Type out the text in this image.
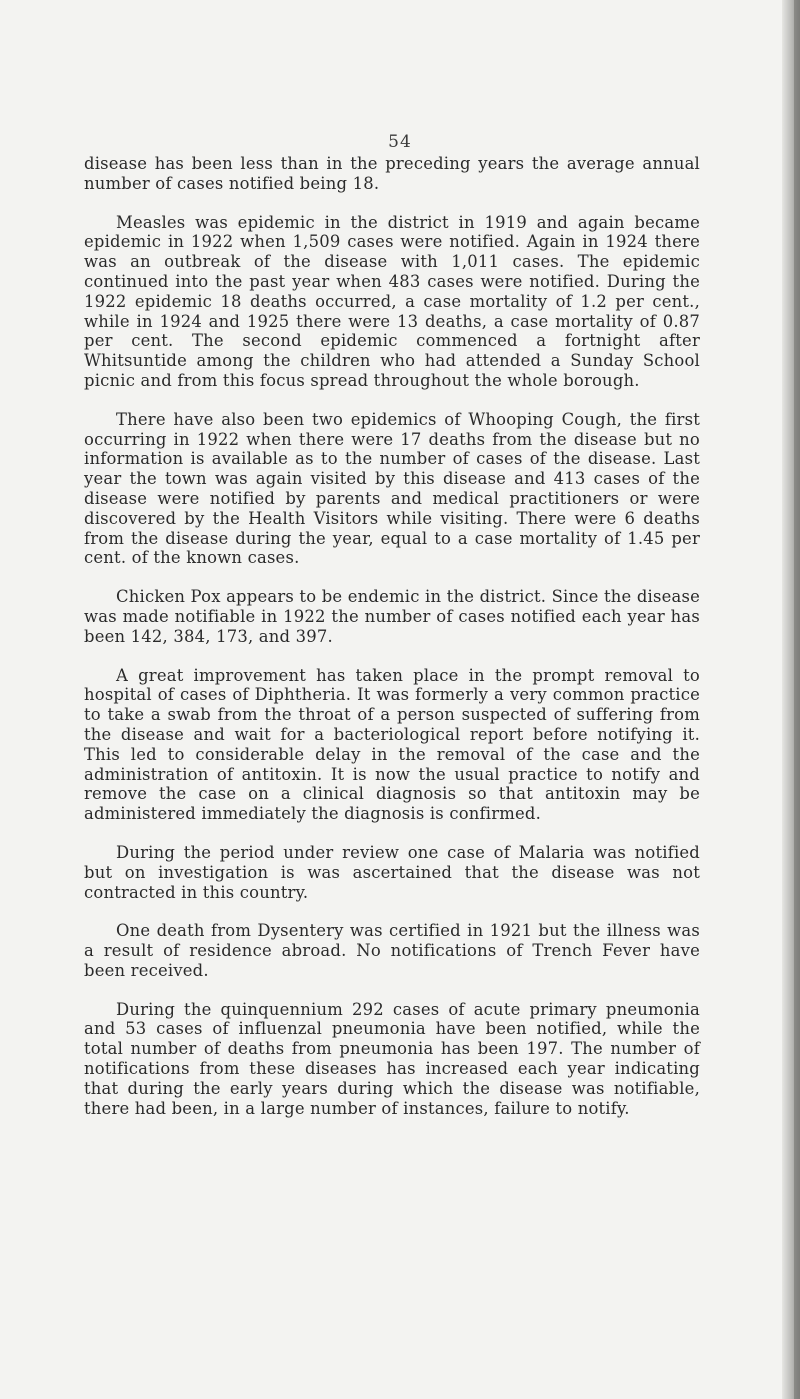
54

disease has been less than in the preceding years the average annual number of cases notified being 18.

Measles was epidemic in the district in 1919 and again became epidemic in 1922 when 1,509 cases were notified. Again in 1924 there was an outbreak of the disease with 1,011 cases. The epidemic continued into the past year when 483 cases were notified. During the 1922 epidemic 18 deaths occurred, a case mortality of 1.2 per cent., while in 1924 and 1925 there were 13 deaths, a case mortality of 0.87 per cent. The second epidemic commenced a fortnight after Whitsuntide among the children who had attended a Sunday School picnic and from this focus spread throughout the whole borough.

There have also been two epidemics of Whooping Cough, the first occurring in 1922 when there were 17 deaths from the disease but no information is available as to the number of cases of the disease. Last year the town was again visited by this disease and 413 cases of the disease were notified by parents and medical practitioners or were discovered by the Health Visitors while visiting. There were 6 deaths from the disease during the year, equal to a case mortality of 1.45 per cent. of the known cases.

Chicken Pox appears to be endemic in the district. Since the disease was made notifiable in 1922 the number of cases notified each year has been 142, 384, 173, and 397.

A great improvement has taken place in the prompt removal to hospital of cases of Diphtheria. It was formerly a very common practice to take a swab from the throat of a person suspected of suffering from the disease and wait for a bacteriological report before notifying it. This led to considerable delay in the removal of the case and the administration of antitoxin. It is now the usual practice to notify and remove the case on a clinical diagnosis so that antitoxin may be administered immediately the diagnosis is confirmed.

During the period under review one case of Malaria was notified but on investigation is was ascertained that the disease was not contracted in this country.

One death from Dysentery was certified in 1921 but the illness was a result of residence abroad. No notifications of Trench Fever have been received.

During the quinquennium 292 cases of acute primary pneumonia and 53 cases of influenzal pneumonia have been notified, while the total number of deaths from pneumonia has been 197. The number of notifications from these diseases has increased each year indicating that during the early years during which the disease was notifiable, there had been, in a large number of instances, failure to notify.
